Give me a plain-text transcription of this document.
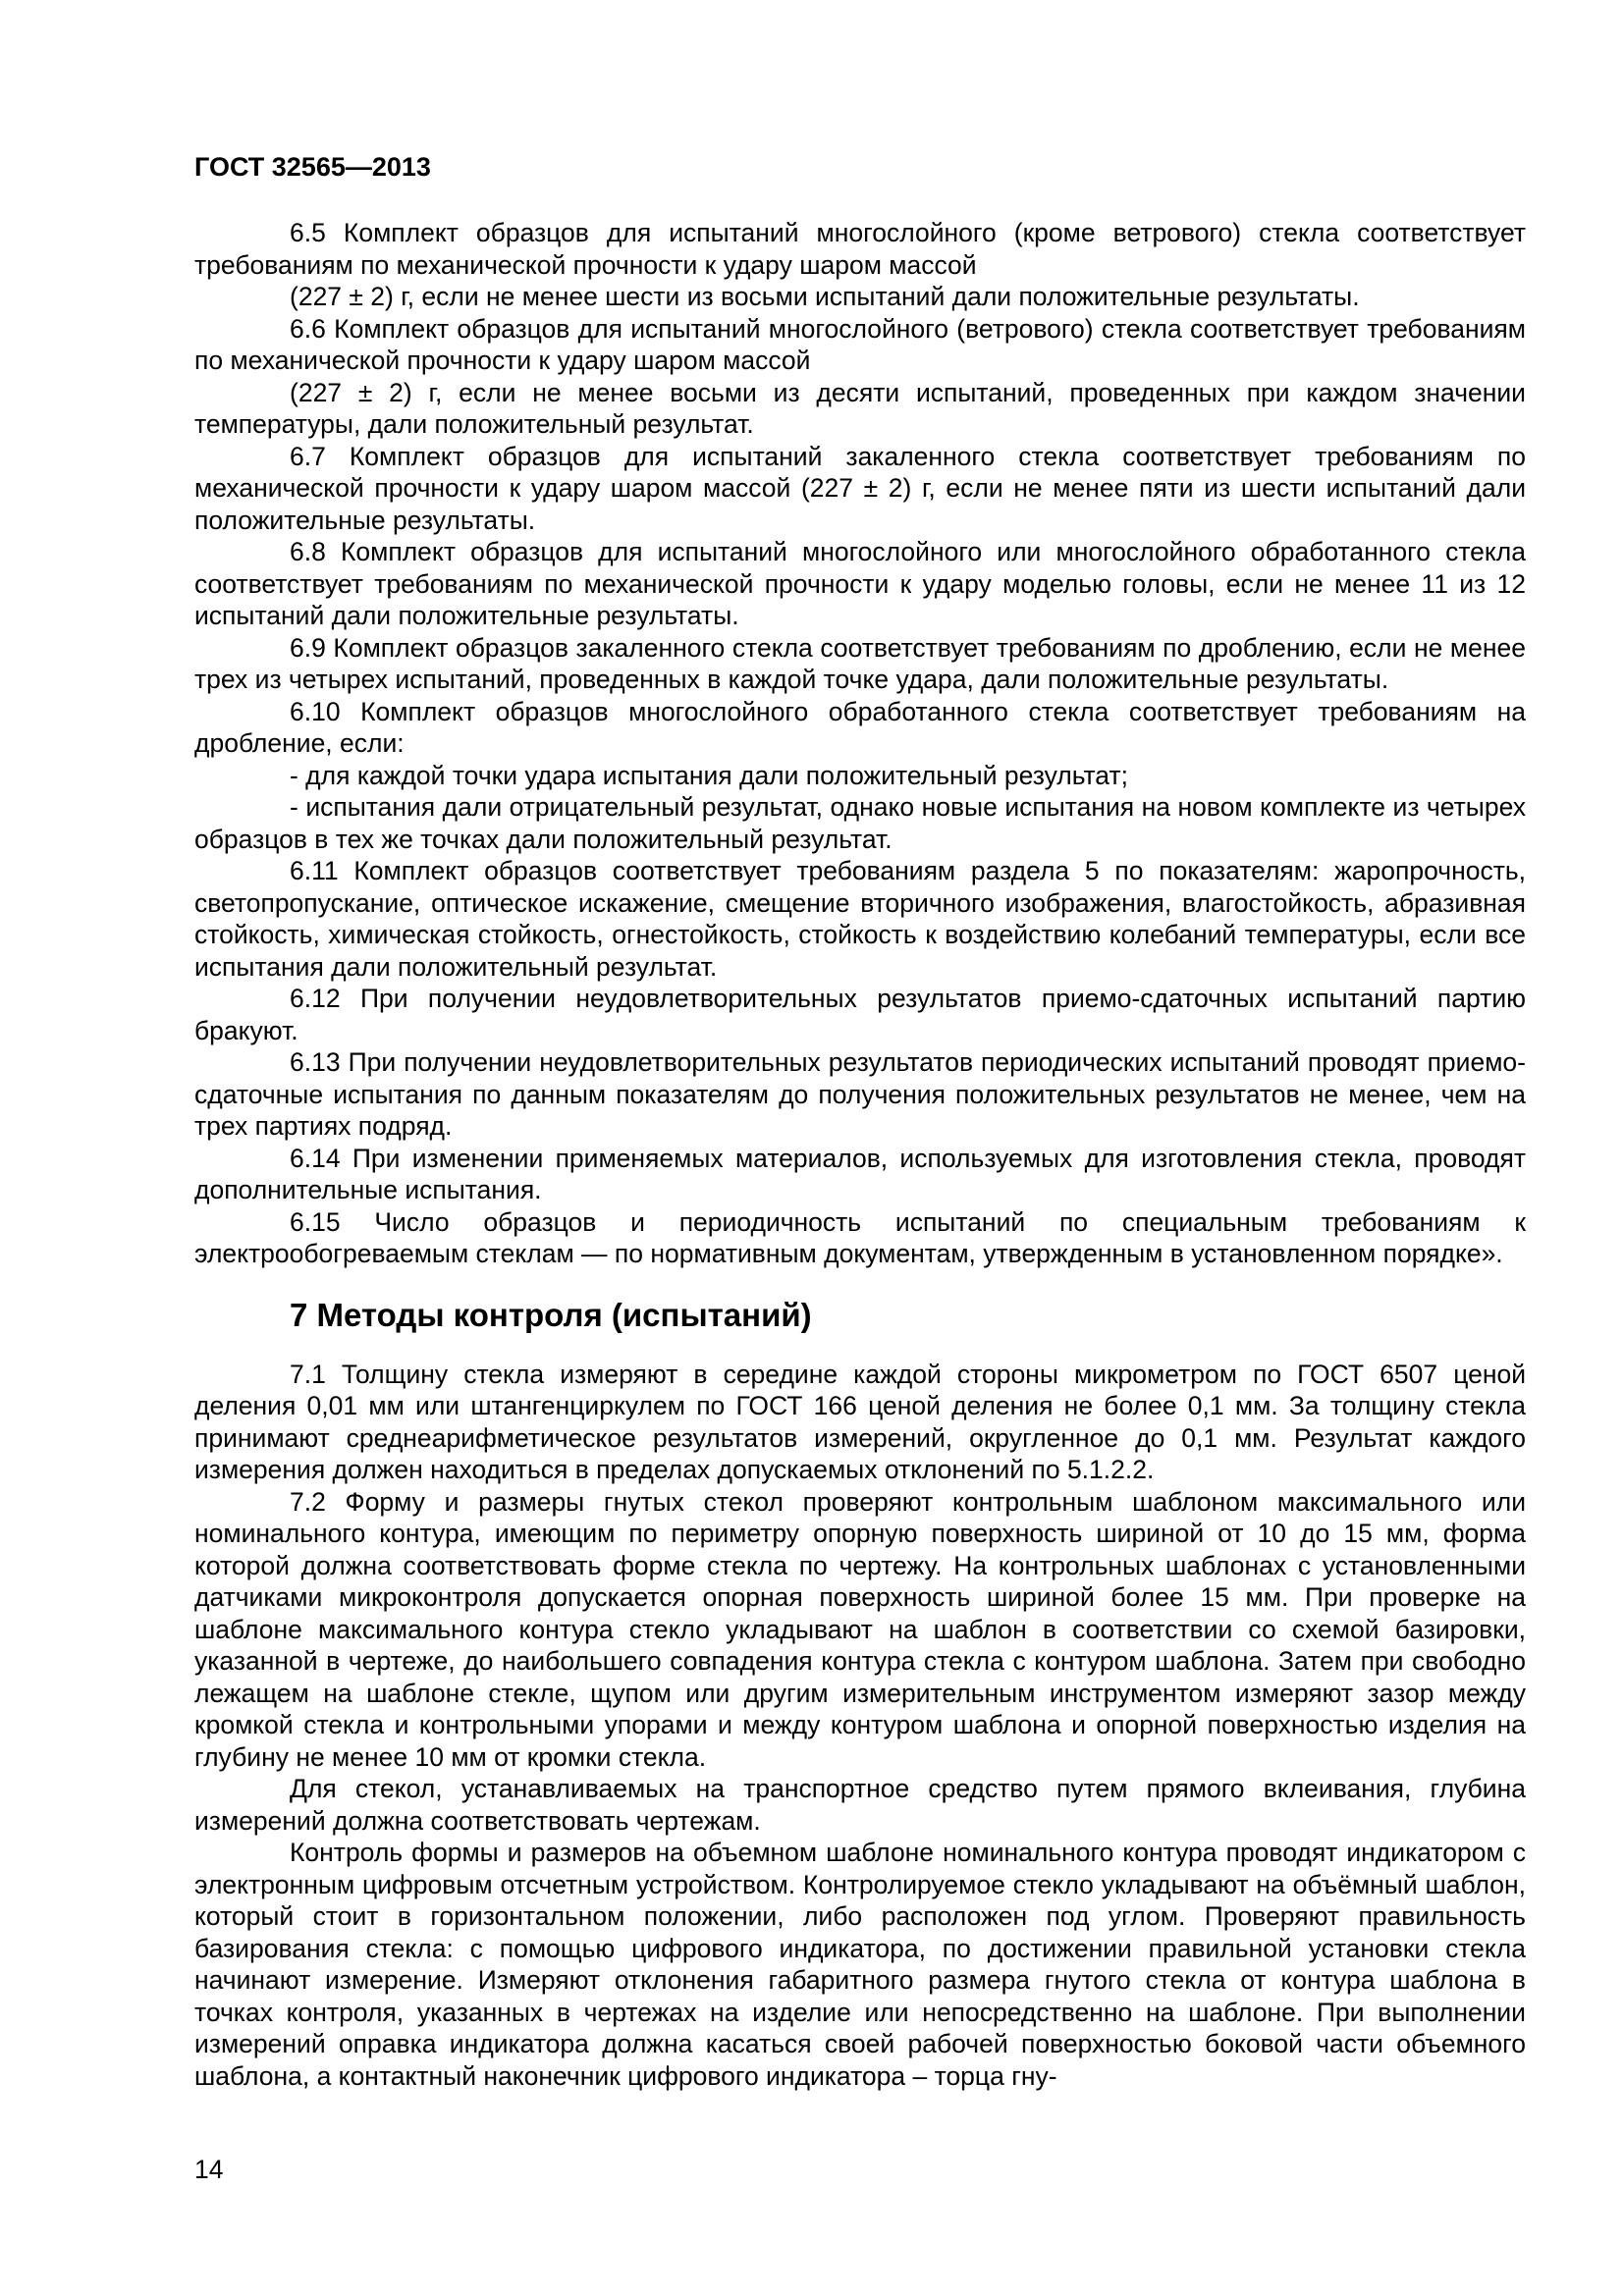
ГОСТ 32565—2013

6.5 Комплект образцов для испытаний многослойного (кроме ветрового) стекла соответствует требованиям по механической прочности к удару шаром массой

(227 ± 2) г, если не менее шести из восьми испытаний дали положительные результаты.

6.6 Комплект образцов для испытаний многослойного (ветрового) стекла соответствует требованиям по механической прочности к удару шаром массой

(227 ± 2) г, если не менее восьми из десяти испытаний, проведенных при каждом значении температуры, дали положительный результат.

6.7 Комплект образцов для испытаний закаленного стекла соответствует требованиям по механической прочности к удару шаром массой (227 ± 2) г, если не менее пяти из шести испытаний дали положительные результаты.

6.8 Комплект образцов для испытаний многослойного или многослойного обработанного стекла соответствует требованиям по механической прочности к удару моделью головы, если не менее 11 из 12 испытаний дали положительные результаты.

6.9 Комплект образцов закаленного стекла соответствует требованиям по дроблению, если не менее трех из четырех испытаний, проведенных в каждой точке удара, дали положительные результаты.

6.10 Комплект образцов многослойного обработанного стекла соответствует требованиям на дробление, если:

- для каждой точки удара испытания дали положительный результат;

- испытания дали отрицательный результат, однако новые испытания на новом комплекте из четырех образцов в тех же точках дали положительный результат.

6.11 Комплект образцов соответствует требованиям раздела 5 по показателям: жаропрочность, светопропускание, оптическое искажение, смещение вторичного изображения, влагостойкость, абразивная стойкость, химическая стойкость, огнестойкость, стойкость к воздействию колебаний температуры, если все испытания дали положительный результат.

6.12 При получении неудовлетворительных результатов приемо-сдаточных испытаний партию бракуют.

6.13 При получении неудовлетворительных результатов периодических испытаний проводят приемо-сдаточные испытания по данным показателям до получения положительных результатов не менее, чем на трех партиях подряд.

6.14 При изменении применяемых материалов, используемых для изготовления стекла, проводят дополнительные испытания.

6.15 Число образцов и периодичность испытаний по специальным требованиям к электрообогреваемым стеклам — по нормативным документам, утвержденным в установленном порядке».

7 Методы контроля (испытаний)

7.1 Толщину стекла измеряют в середине каждой стороны микрометром по ГОСТ 6507 ценой деления 0,01 мм или штангенциркулем по ГОСТ 166 ценой деления не более 0,1 мм. За толщину стекла принимают среднеарифметическое результатов измерений, округленное до 0,1 мм. Результат каждого измерения должен находиться в пределах допускаемых отклонений по 5.1.2.2.

7.2 Форму и размеры гнутых стекол проверяют контрольным шаблоном максимального или номинального контура, имеющим по периметру опорную поверхность шириной от 10 до 15 мм, форма которой должна соответствовать форме стекла по чертежу. На контрольных шаблонах с установленными датчиками микроконтроля допускается опорная поверхность шириной более 15 мм. При проверке на шаблоне максимального контура стекло укладывают на шаблон в соответствии со схемой базировки, указанной в чертеже, до наибольшего совпадения контура стекла с контуром шаблона. Затем при свободно лежащем на шаблоне стекле, щупом или другим измерительным инструментом измеряют зазор между кромкой стекла и контрольными упорами и между контуром шаблона и опорной поверхностью изделия на глубину не менее 10 мм от кромки стекла.

Для стекол, устанавливаемых на транспортное средство путем прямого вклеивания, глубина измерений должна соответствовать чертежам.

Контроль формы и размеров на объемном шаблоне номинального контура проводят индикатором с электронным цифровым отсчетным устройством. Контролируемое стекло укладывают на объёмный шаблон, который стоит в горизонтальном положении, либо расположен под углом. Проверяют правильность базирования стекла: с помощью цифрового индикатора, по достижении правильной установки стекла начинают измерение. Измеряют отклонения габаритного размера гнутого стекла от контура шаблона в точках контроля, указанных в чертежах на изделие или непосредственно на шаблоне. При выполнении измерений оправка индикатора должна касаться своей рабочей поверхностью боковой части объемного шаблона, а контактный наконечник цифрового индикатора – торца гну-

14
